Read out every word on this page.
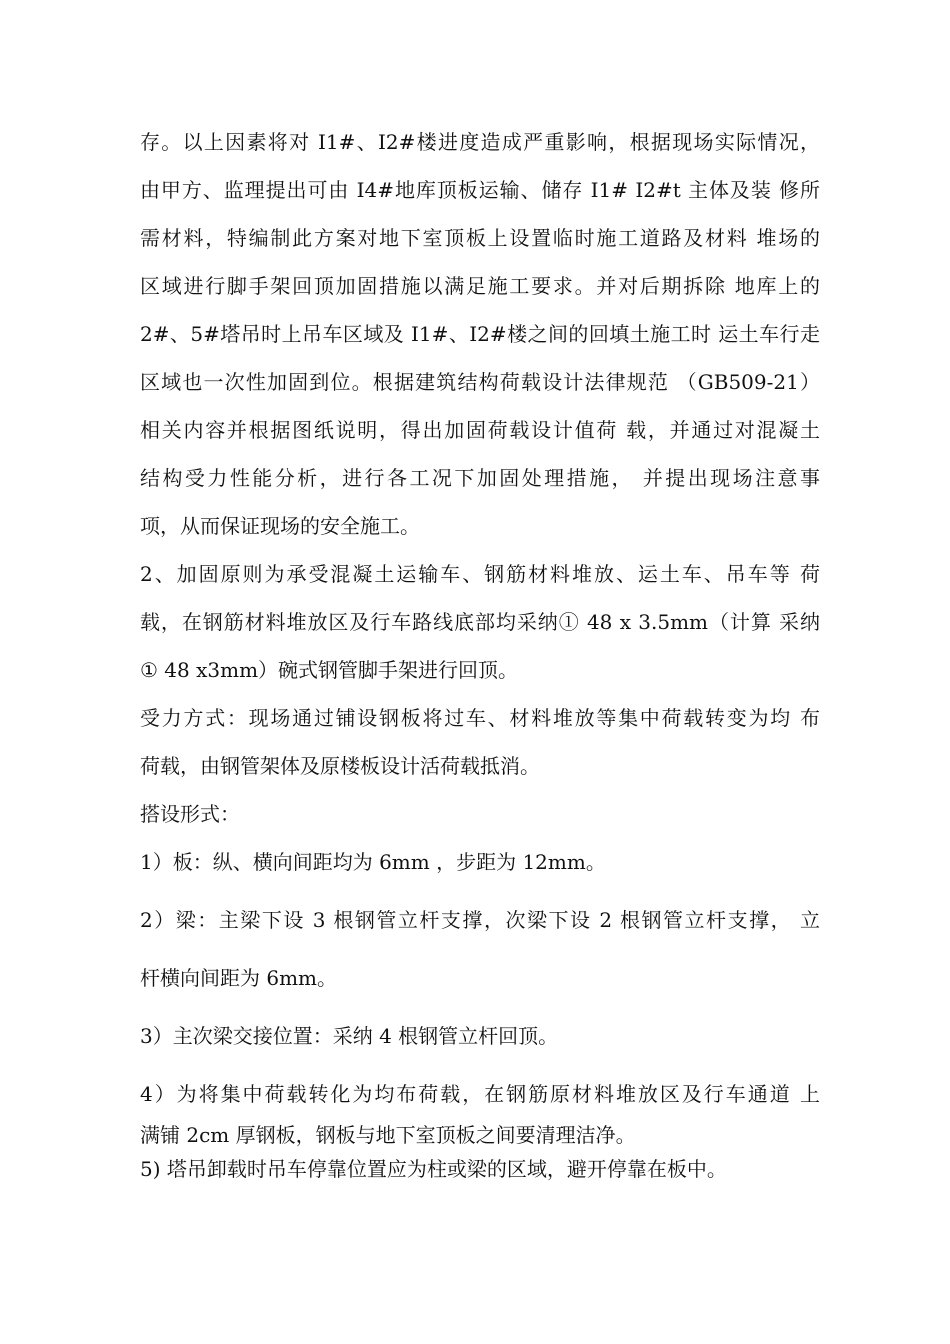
存。以上因素将对 I1#、I2#楼进度造成严重影响，根据现场实际情况，
由甲方、监理提出可由 I4#地库顶板运输、储存 I1# I2#t 主体及装 修所
需材料，特编制此方案对地下室顶板上设置临时施工道路及材料 堆场的
区域进行脚手架回顶加固措施以满足施工要求。并对后期拆除 地库上的
2#、5#塔吊时上吊车区域及 I1#、I2#楼之间的回填土施工时 运土车行走
区域也一次性加固到位。根据建筑结构荷载设计法律规范 （GB509-21）
相关内容并根据图纸说明，得出加固荷载设计值荷 载，并通过对混凝土
结构受力性能分析，进行各工况下加固处理措施， 并提出现场注意事
项，从而保证现场的安全施工。
2、加固原则为承受混凝土运输车、钢筋材料堆放、运土车、吊车等 荷
载，在钢筋材料堆放区及行车路线底部均采纳① 48 x 3.5mm（计算 采纳
① 48 x3mm）碗式钢管脚手架进行回顶。
受力方式：现场通过铺设钢板将过车、材料堆放等集中荷载转变为均 布
荷载，由钢管架体及原楼板设计活荷载抵消。
搭设形式：
1）板：纵、横向间距均为 6mm ，步距为 12mm。
2）梁：主梁下设 3 根钢管立杆支撑，次梁下设 2 根钢管立杆支撑， 立
杆横向间距为 6mm。
3）主次梁交接位置：采纳 4 根钢管立杆回顶。
4）为将集中荷载转化为均布荷载，在钢筋原材料堆放区及行车通道 上
满铺 2cm 厚钢板，钢板与地下室顶板之间要清理洁净。
5) 塔吊卸载时吊车停靠位置应为柱或梁的区域，避开停靠在板中。
